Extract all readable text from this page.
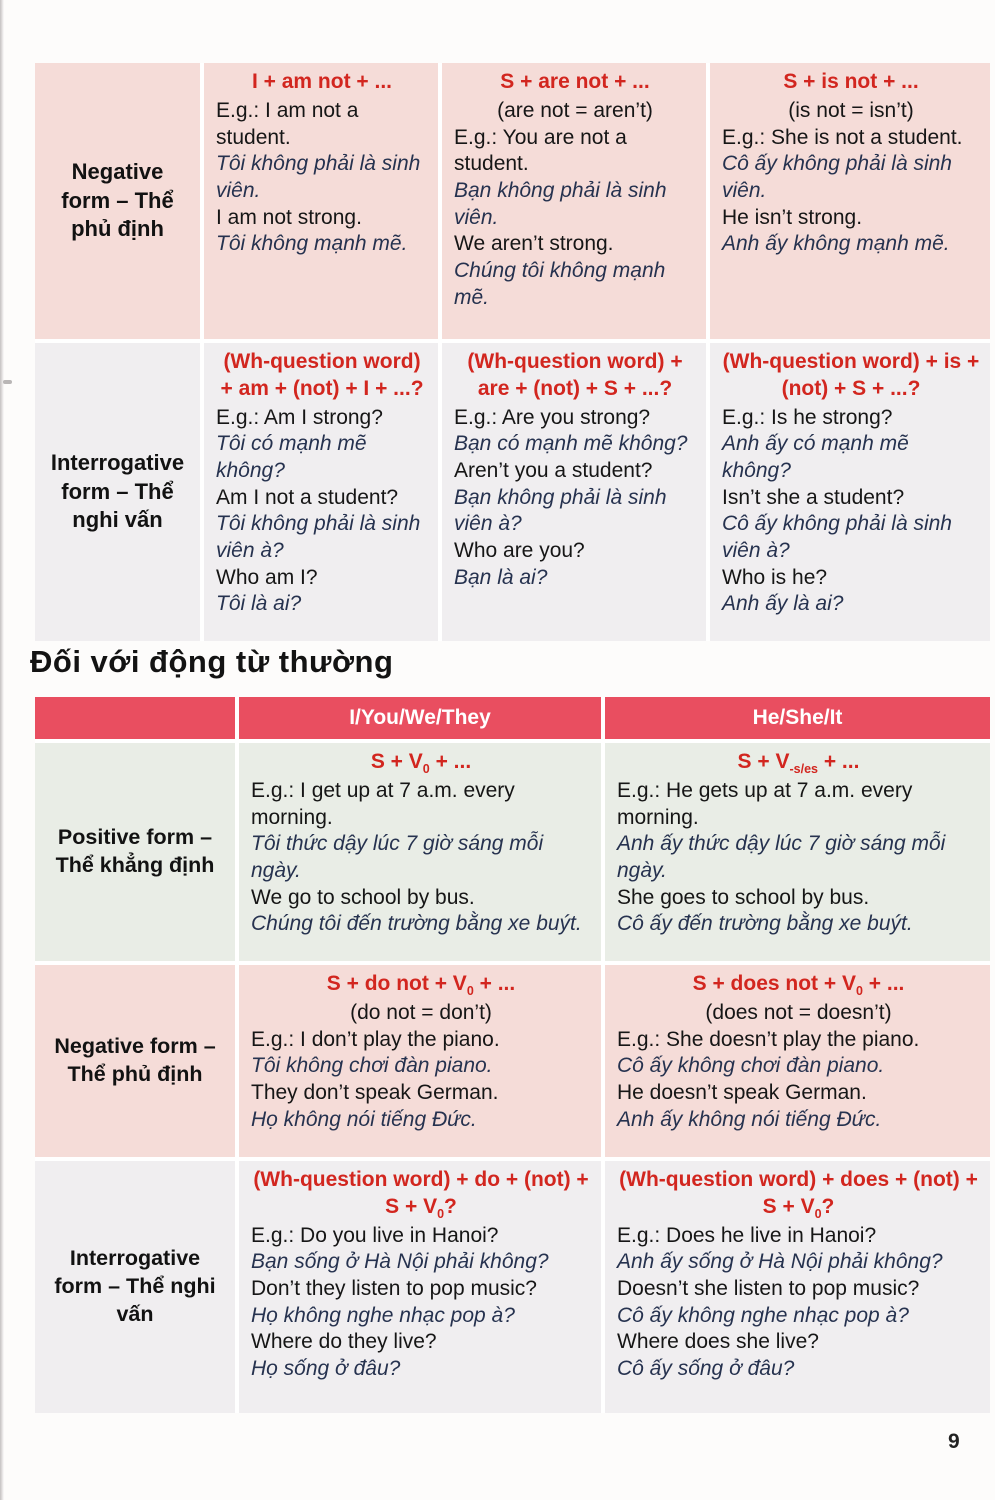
Negative form – Thể phủ định
I + am not + ...
E.g.: I am not a student.
Tôi không phải là sinh viên.
I am not strong.
Tôi không mạnh mẽ.
S + are not + ...
(are not = aren’t)
E.g.: You are not a student.
Bạn không phải là sinh viên.
We aren’t strong.
Chúng tôi không mạnh mẽ.
S + is not + ...
(is not = isn’t)
E.g.: She is not a student.
Cô ấy không phải là sinh viên.
He isn’t strong.
Anh ấy không mạnh mẽ.
Interrogative form – Thể nghi vấn
(Wh-question word) + am + (not) + I + ...?
E.g.: Am I strong?
Tôi có mạnh mẽ không?
Am I not a student?
Tôi không phải là sinh viên à?
Who am I?
Tôi là ai?
(Wh-question word) + are + (not) + S + ...?
E.g.: Are you strong?
Bạn có mạnh mẽ không?
Aren’t you a student?
Bạn không phải là sinh viên à?
Who are you?
Bạn là ai?
(Wh-question word) + is + (not) + S + ...?
E.g.: Is he strong?
Anh ấy có mạnh mẽ không?
Isn’t she a student?
Cô ấy không phải là sinh viên à?
Who is he?
Anh ấy là ai?
Đối với động từ thường
I/You/We/They	He/She/It
Positive form – Thể khẳng định
$S + V_0$ + ...
E.g.: I get up at 7 a.m. every morning.
Tôi thức dậy lúc 7 giờ sáng mỗi ngày.
We go to school by bus.
Chúng tôi đến trường bằng xe buýt.
$S + V_{-s/es}$ + ...
E.g.: He gets up at 7 a.m. every morning.
Anh ấy thức dậy lúc 7 giờ sáng mỗi ngày.
She goes to school by bus.
Cô ấy đến trường bằng xe buýt.
Negative form – Thể phủ định
S + do not + $V_0$ + ...
(do not = don’t)
E.g.: I don’t play the piano.
Tôi không chơi đàn piano.
They don’t speak German.
Họ không nói tiếng Đức.
S + does not + $V_0$ + ...
(does not = doesn’t)
E.g.: She doesn’t play the piano.
Cô ấy không chơi đàn piano.
He doesn’t speak German.
Anh ấy không nói tiếng Đức.
Interrogative form – Thể nghi vấn
(Wh-question word) + do + $(not) + S + V_0$?
E.g.: Do you live in Hanoi?
Bạn sống ở Hà Nội phải không?
Don’t they listen to pop music?
Họ không nghe nhạc pop à?
Where do they live?
Họ sống ở đâu?
(Wh-question word) + does + $(not) + S + V_0$?
E.g.: Does he live in Hanoi?
Anh ấy sống ở Hà Nội phải không?
Doesn’t she listen to pop music?
Cô ấy không nghe nhạc pop à?
Where does she live?
Cô ấy sống ở đâu?
9
